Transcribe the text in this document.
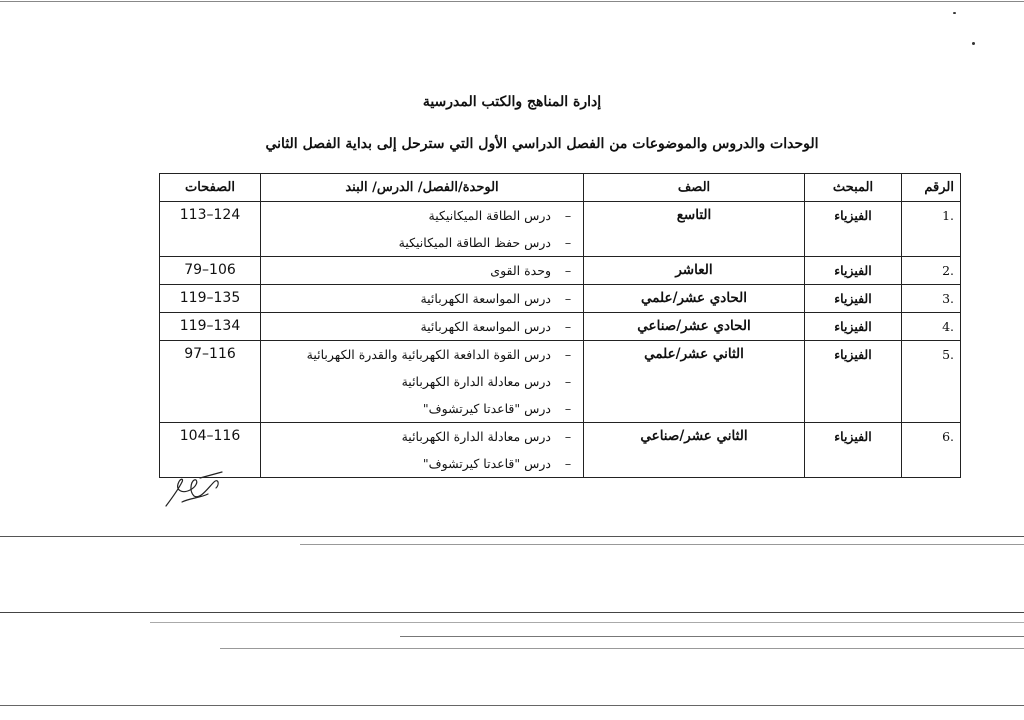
إدارة المناهج والكتب المدرسية
الوحدات والدروس والموضوعات من الفصل الدراسي الأول التي سترحل إلى بداية الفصل الثاني
الرقم	المبحث	الصف	الوحدة/الفصل/ الدرس/ البند	الصفحات

.1	الفيزياء	التاسع	–درس الطاقة الميكانيكية
–درس حفظ الطاقة الميكانيكية	124–113

.2	الفيزياء	العاشر	–وحدة القوى	106–79

.3	الفيزياء	الحادي عشر/علمي	–درس المواسعة الكهربائية	135–119

.4	الفيزياء	الحادي عشر/صناعي	–درس المواسعة الكهربائية	134–119

.5	الفيزياء	الثاني عشر/علمي	–درس القوة الدافعة الكهربائية والقدرة الكهربائية
–درس معادلة الدارة الكهربائية
–درس "قاعدتا كيرتشوف"	116–97

.6	الفيزياء	الثاني عشر/صناعي	–درس معادلة الدارة الكهربائية
–درس "قاعدتا كيرتشوف"	116–104
